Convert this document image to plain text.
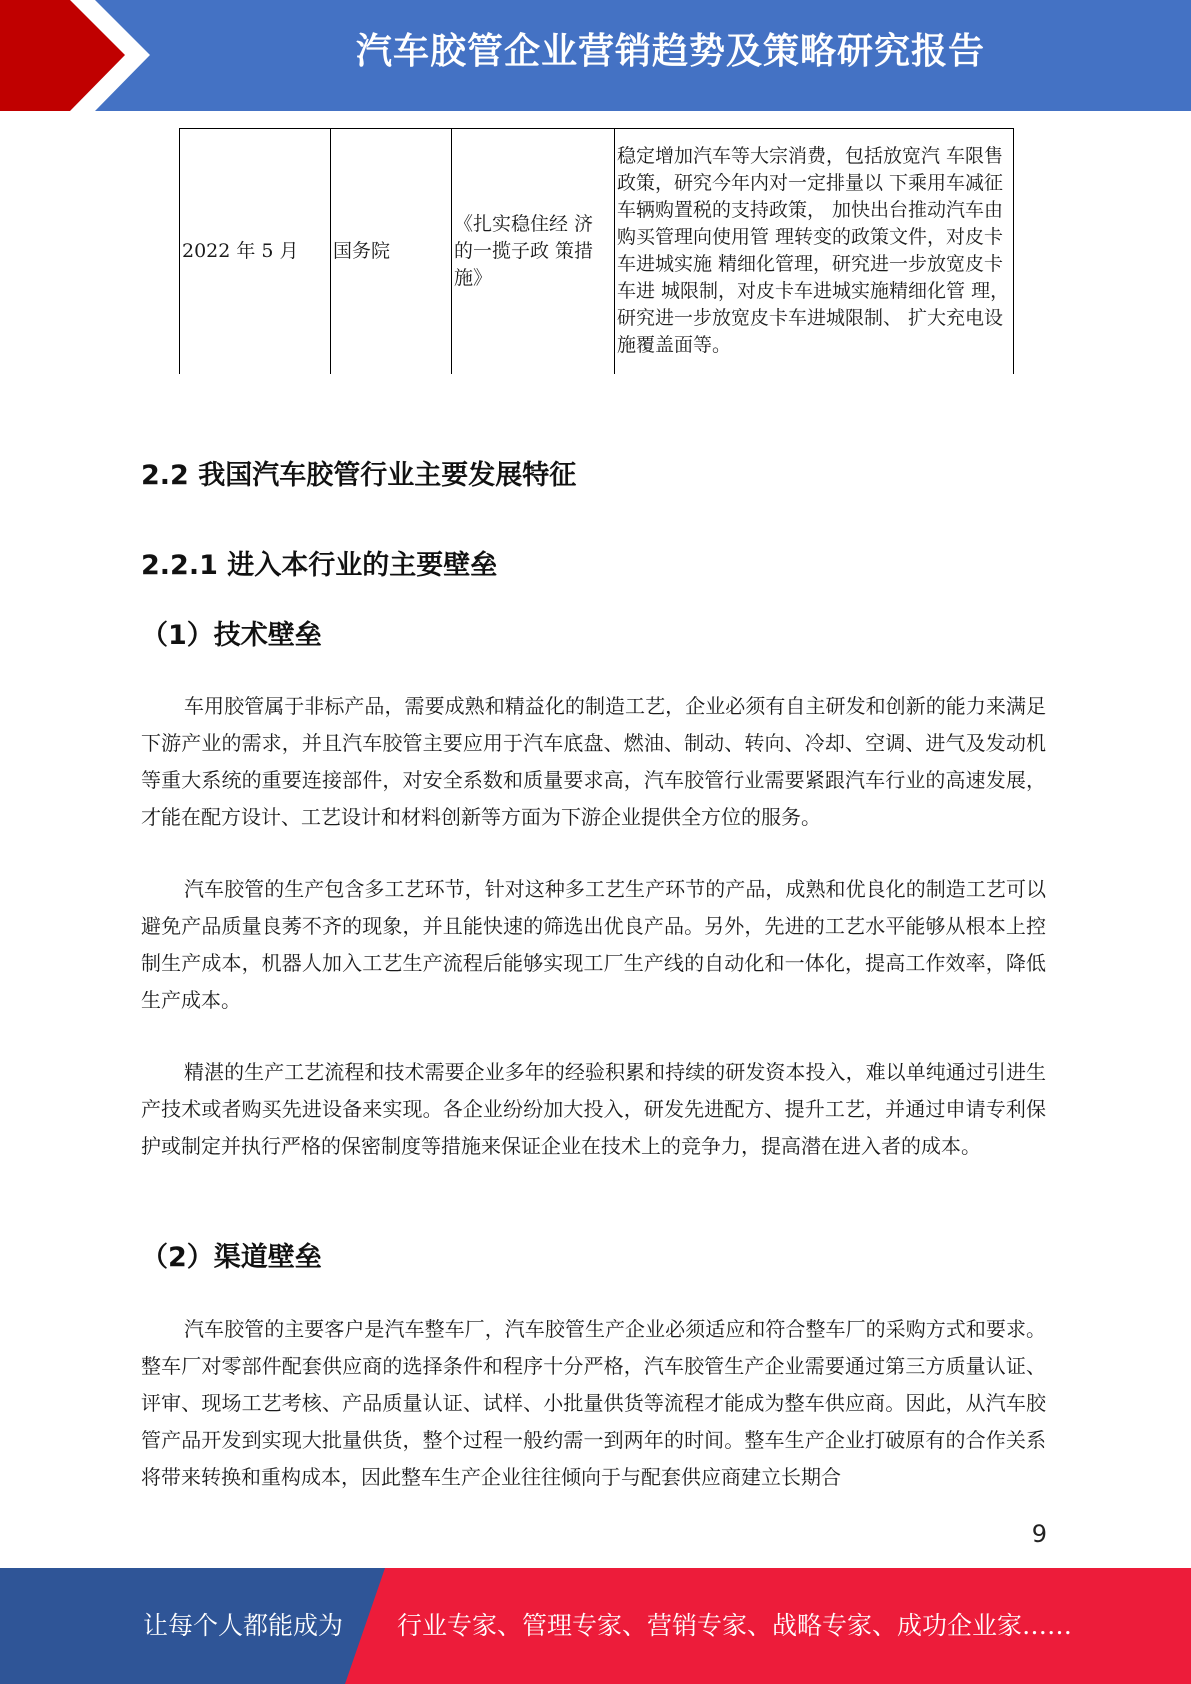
汽车胶管企业营销趋势及策略研究报告
2022 年 5 月	国务院	《扎实稳住经 济的一揽子政 策措施》	稳定增加汽车等大宗消费，包括放宽汽 车限售政策，研究今年内对一定排量以 下乘用车减征车辆购置税的支持政策， 加快出台推动汽车由购买管理向使用管 理转变的政策文件，对皮卡车进城实施 精细化管理，研究进一步放宽皮卡车进 城限制，对皮卡车进城实施精细化管 理，研究进一步放宽皮卡车进城限制、 扩大充电设施覆盖面等。
2.2 我国汽车胶管行业主要发展特征
2.2.1 进入本行业的主要壁垒
（1）技术壁垒

车用胶管属于非标产品，需要成熟和精益化的制造工艺，企业必须有自主研发和创新的能力来满足下游产业的需求，并且汽车胶管主要应用于汽车底盘、燃油、制动、转向、冷却、空调、进气及发动机等重大系统的重要连接部件，对安全系数和质量要求高，汽车胶管行业需要紧跟汽车行业的高速发展，才能在配方设计、工艺设计和材料创新等方面为下游企业提供全方位的服务。

汽车胶管的生产包含多工艺环节，针对这种多工艺生产环节的产品，成熟和优良化的制造工艺可以避免产品质量良莠不齐的现象，并且能快速的筛选出优良产品。另外，先进的工艺水平能够从根本上控制生产成本，机器人加入工艺生产流程后能够实现工厂生产线的自动化和一体化，提高工作效率，降低生产成本。

精湛的生产工艺流程和技术需要企业多年的经验积累和持续的研发资本投入，难以单纯通过引进生产技术或者购买先进设备来实现。各企业纷纷加大投入，研发先进配方、提升工艺，并通过申请专利保护或制定并执行严格的保密制度等措施来保证企业在技术上的竞争力，提高潜在进入者的成本。

（2）渠道壁垒

汽车胶管的主要客户是汽车整车厂，汽车胶管生产企业必须适应和符合整车厂的采购方式和要求。整车厂对零部件配套供应商的选择条件和程序十分严格，汽车胶管生产企业需要通过第三方质量认证、评审、现场工艺考核、产品质量认证、试样、小批量供货等流程才能成为整车供应商。因此，从汽车胶管产品开发到实现大批量供货，整个过程一般约需一到两年的时间。整车生产企业打破原有的合作关系将带来转换和重构成本，因此整车生产企业往往倾向于与配套供应商建立长期合

9
让每个人都能成为 行业专家、管理专家、营销专家、战略专家、成功企业家……
